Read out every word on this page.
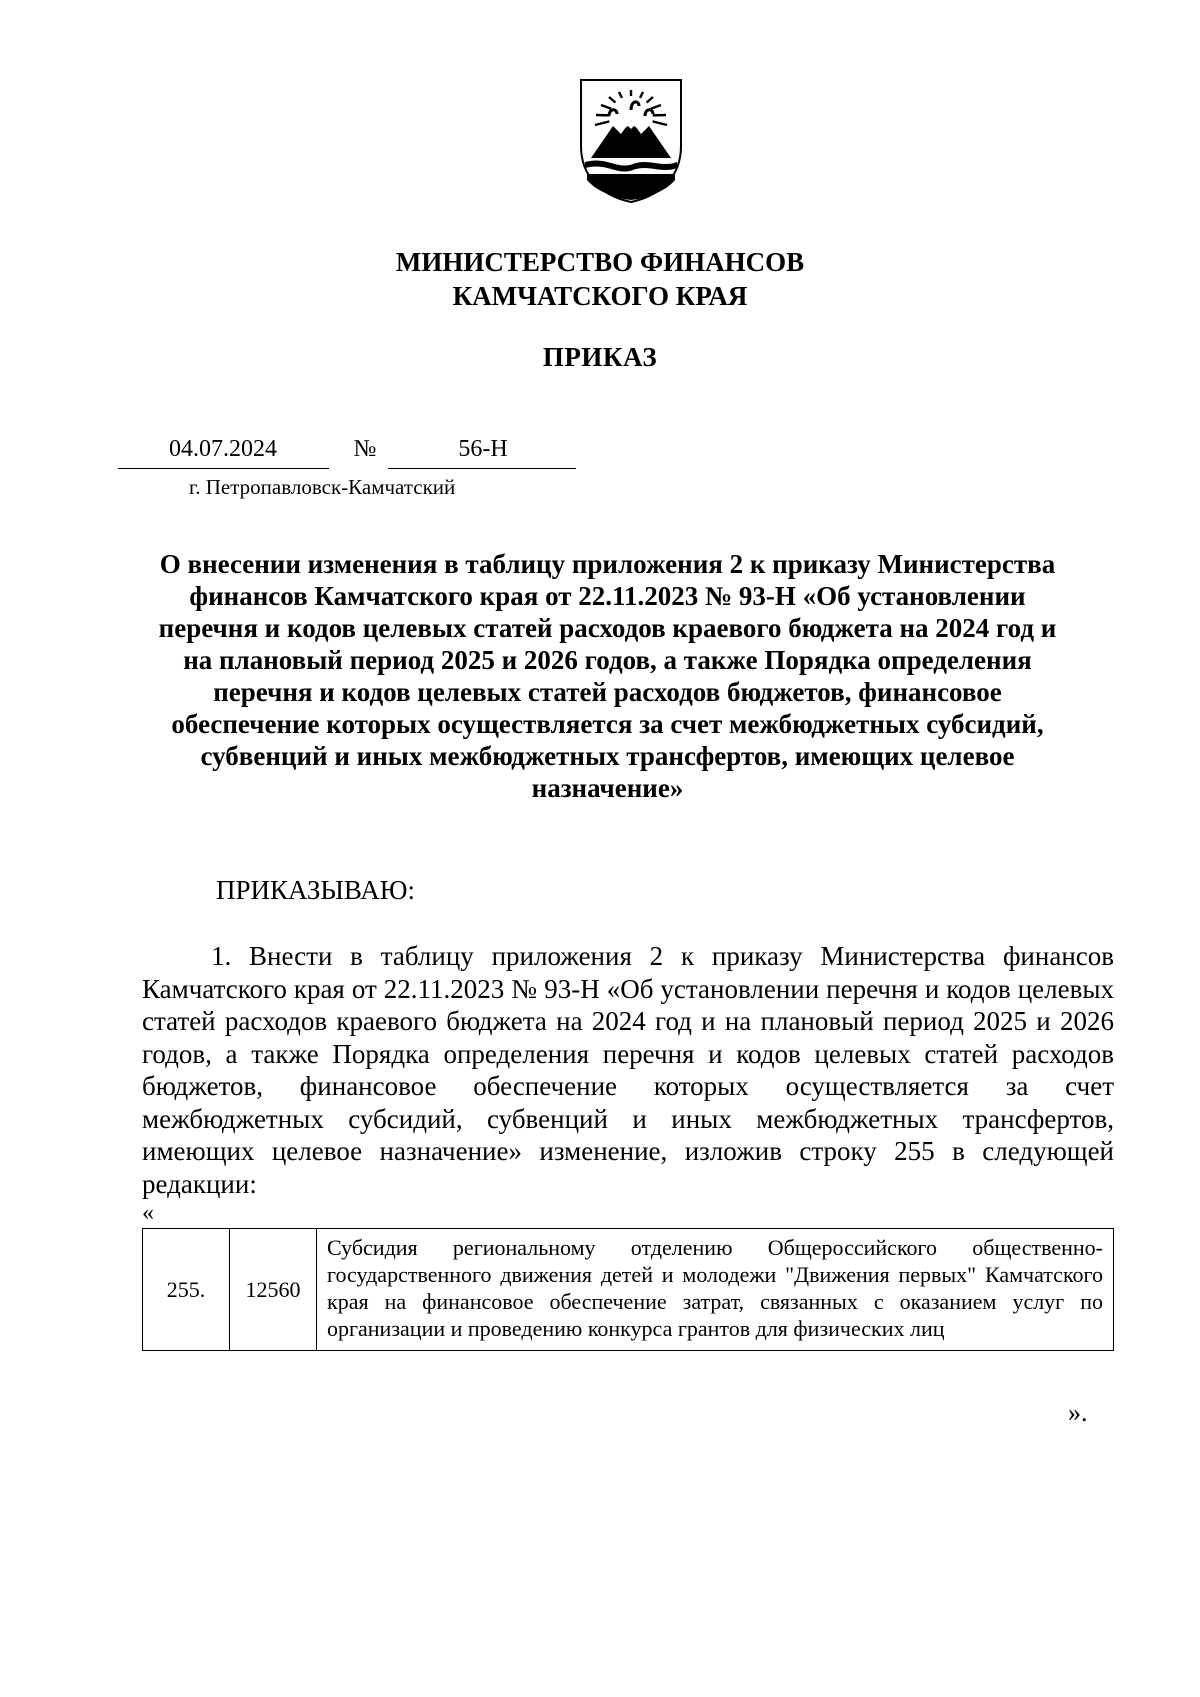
МИНИСТЕРСТВО ФИНАНСОВ
КАМЧАТСКОГО КРАЯ
ПРИКАЗ
04.07.2024	№	56-Н
г. Петропавловск-Камчатский
О внесении изменения в таблицу приложения 2 к приказу Министерства финансов Камчатского края от 22.11.2023 № 93-Н «Об установлении перечня и кодов целевых статей расходов краевого бюджета на 2024 год и на плановый период 2025 и 2026 годов, а также Порядка определения перечня и кодов целевых статей расходов бюджетов, финансовое обеспечение которых осуществляется за счет межбюджетных субсидий, субвенций и иных межбюджетных трансфертов, имеющих целевое назначение»
ПРИКАЗЫВАЮ:

1. Внести в таблицу приложения 2 к приказу Министерства финансов Камчатского края от 22.11.2023 № 93-Н «Об установлении перечня и кодов целевых статей расходов краевого бюджета на 2024 год и на плановый период 2025 и 2026 годов, а также Порядка определения перечня и кодов целевых статей расходов бюджетов, финансовое обеспечение которых осуществляется за счет межбюджетных субсидий, субвенций и иных межбюджетных трансфертов, имеющих целевое назначение» изменение, изложив строку 255 в следующей редакции:

«
255.	12560	Субсидия региональному отделению Общероссийского общественно-государственного движения детей и молодежи "Движения первых" Камчатского края на финансовое обеспечение затрат, связанных с оказанием услуг по организации и проведению конкурса грантов для физических лиц
».
